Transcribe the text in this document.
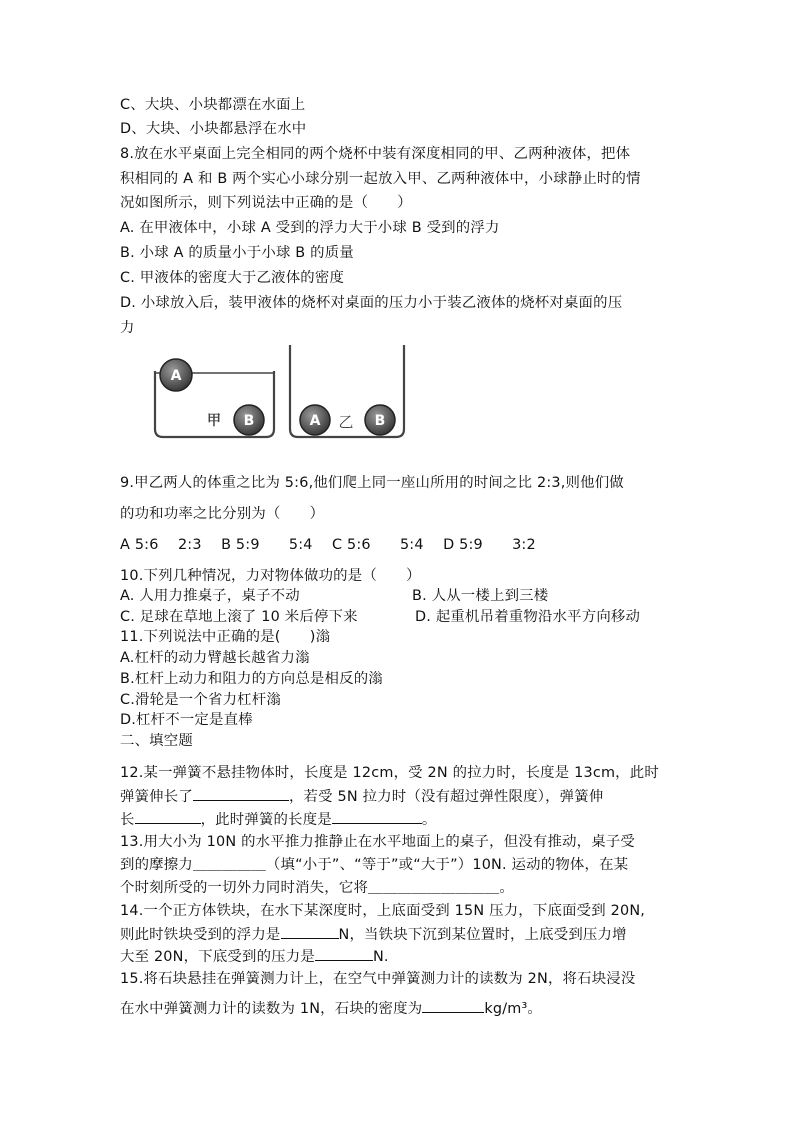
C、大块、小块都漂在水面上
D、大块、小块都悬浮在水中
8.放在水平桌面上完全相同的两个烧杯中装有深度相同的甲、乙两种液体，把体
积相同的 A 和 B 两个实心小球分别一起放入甲、乙两种液体中，小球静止时的情
况如图所示，则下列说法中正确的是（　　）
A. 在甲液体中，小球 A 受到的浮力大于小球 B 受到的浮力
B. 小球 A 的质量小于小球 B 的质量
C. 甲液体的密度大于乙液体的密度
D. 小球放入后，装甲液体的烧杯对桌面的压力小于装乙液体的烧杯对桌面的压
力
A
甲 B	A 乙 B
9.甲乙两人的体重之比为 5:6,他们爬上同一座山所用的时间之比 2:3,则他们做
的功和功率之比分别为（　　）
A 5:6　 2:3　 B 5:9　　5:4　 C 5:6　　5:4　 D 5:9　　3:2
10.下列几种情况，力对物体做功的是（　　）
A. 人用力推桌子，桌子不动	B. 人从一楼上到三楼
C. 足球在草地上滚了 10 米后停下来	D. 起重机吊着重物沿水平方向移动
11.下列说法中正确的是(　　)滃
A.杠杆的动力臂越长越省力滃
B.杠杆上动力和阻力的方向总是相反的滃
C.滑轮是一个省力杠杆滃
D.杠杆不一定是直棒
二、填空题
12.某一弹簧不悬挂物体时，长度是 12cm，受 2N 的拉力时，长度是 13cm，此时
弹簧伸长了	，若受 5N 拉力时（没有超过弹性限度），弹簧伸
长	，此时弹簧的长度是	。
13.用大小为 10N 的水平推力推静止在水平地面上的桌子，但没有推动，桌子受
到的摩擦力＿＿＿＿＿（填“小于”、“等于”或“大于”）10N. 运动的物体，在某
个时刻所受的一切外力同时消失，它将＿＿＿＿＿＿＿＿＿。
14.一个正方体铁块，在水下某深度时，上底面受到 15N 压力，下底面受到 20N,
则此时铁块受到的浮力是	N，当铁块下沉到某位置时，上底受到压力增
大至 20N，下底受到的压力是	N.
15.将石块悬挂在弹簧测力计上，在空气中弹簧测力计的读数为 2N，将石块浸没
在水中弹簧测力计的读数为 1N，石块的密度为	kg/m³。
